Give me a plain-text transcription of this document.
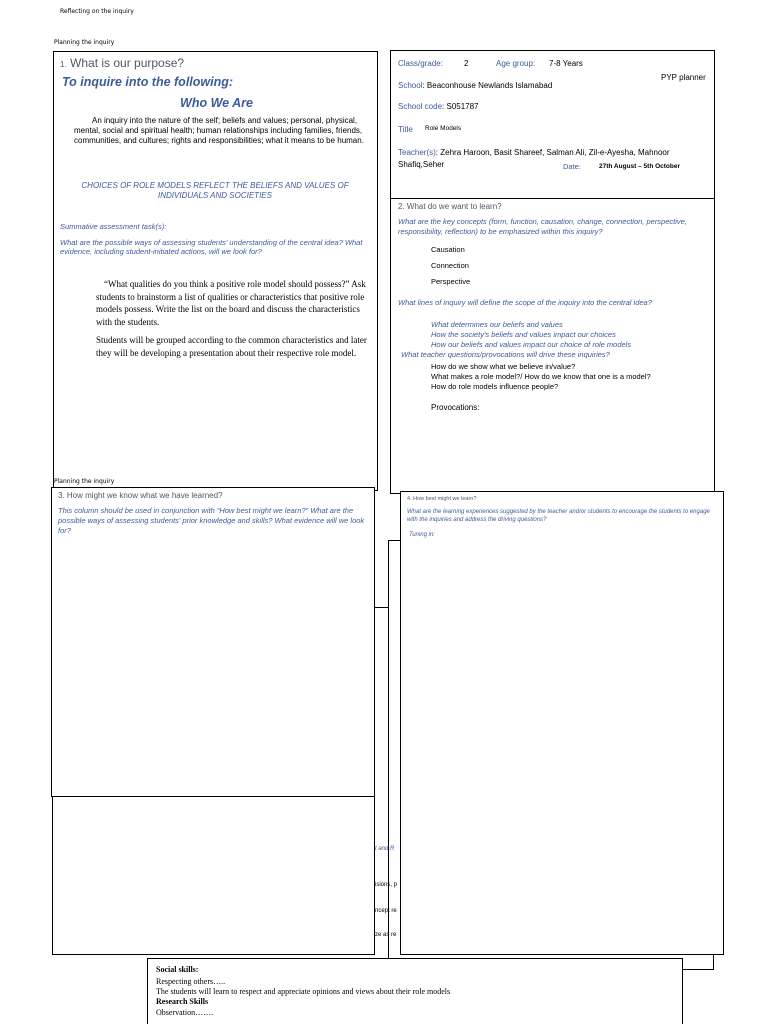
Reflecting on the inquiry
Planning the inquiry
1. What is our purpose?
To inquire into the following:
Who We Are

An inquiry into the nature of the self; beliefs and values; personal, physical, mental, social and spiritual health; human relationships including families, friends, communities, and cultures; rights and responsibilities; what it means to be human.

CHOICES OF ROLE MODELS REFLECT THE BELIEFS AND VALUES OF INDIVIDUALS AND SOCIETIES

Summative assessment task(s):

What are the possible ways of assessing students' understanding of the central idea? What evidence, including student-initiated actions, will we look for?

“What qualities do you think a positive role model should possess?” Ask students to brainstorm a list of qualities or characteristics that positive role models possess. Write the list on the board and discuss the characteristics with the students.

Students will be grouped according to the common characteristics and later they will be developing a presentation about their respective role model.

Class/grade:	2	Age group: 7-8 Years
PYP planner
School: Beaconhouse Newlands Islamabad
School code: S051787
Title Role Models

Teacher(s): Zehra Haroon, Basit Shareef, Salman Ali, Zil-e-Ayesha, Mahnoor Shafiq,Seher	Date:	27th August – 5th October
2. What do we want to learn?

What are the key concepts (form, function, causation, change, connection, perspective, responsibility, reflection) to be emphasized within this inquiry?

Causation
Connection
Perspective

What lines of inquiry will define the scope of the inquiry into the central idea?

What determines our beliefs and values
How the society's beliefs and values impact our choices
How our beliefs and values impact our choice of role models
What teacher questions/provocations will drive these inquiries?
How do we show what we believe in/value?
What makes a role model?/ How do we know that one is a model?
How do role models influence people?
Provocations:
Planning the inquiry
t and R
isions, p
ncept re
ze as re
3. How might we know what we have learned?

This column should be used in conjunction with “How best might we learn?” What are the possible ways of assessing students' prior knowledge and skills? What evidence will we look for?

4. How best might we learn?

What are the learning experiences suggested by the teacher and/or students to encourage the students to engage with the inquiries and address the driving questions?

Tuning in:
Social skills:
Respecting others…..
The students will learn to respect and appreciate opinions and views about their role models
Research Skills
Observation…….
